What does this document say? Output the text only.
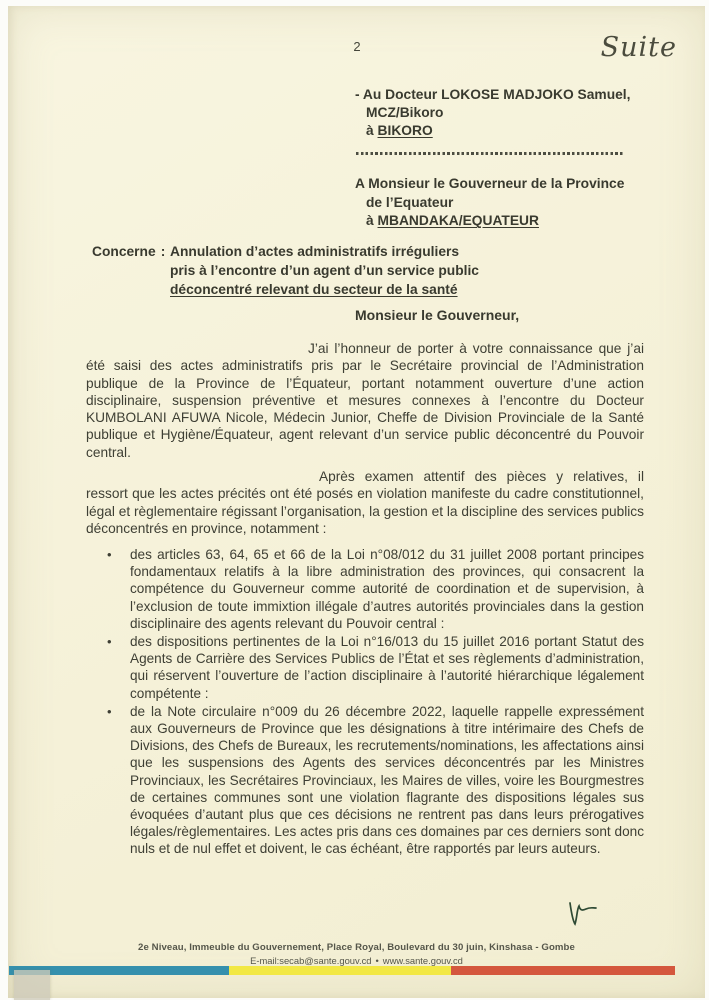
2	Suite
- Au Docteur LOKOSE MADJOKO Samuel,
MCZ/Bikoro
à BIKORO
A Monsieur le Gouverneur de la Province
de l’Equateur
à MBANDAKA/EQUATEUR
Concerne : Annulation d’actes administratifs irréguliers
pris à l’encontre d’un agent d’un service public
déconcentré relevant du secteur de la santé
Monsieur le Gouverneur,
J’ai l’honneur de porter à votre connaissance que j’ai été saisi des actes administratifs pris par le Secrétaire provincial de l’Administration publique de la Province de l’Équateur, portant notamment ouverture d’une action disciplinaire, suspension préventive et mesures connexes à l’encontre du Docteur KUMBOLANI AFUWA Nicole, Médecin Junior, Cheffe de Division Provinciale de la Santé publique et Hygiène/Équateur, agent relevant d’un service public déconcentré du Pouvoir central.
Après examen attentif des pièces y relatives, il ressort que les actes précités ont été posés en violation manifeste du cadre constitutionnel, légal et règlementaire régissant l’organisation, la gestion et la discipline des services publics déconcentrés en province, notamment :
•	des articles 63, 64, 65 et 66 de la Loi n°08/012 du 31 juillet 2008 portant principes fondamentaux relatifs à la libre administration des provinces, qui consacrent la compétence du Gouverneur comme autorité de coordination et de supervision, à l’exclusion de toute immixtion illégale d’autres autorités provinciales dans la gestion disciplinaire des agents relevant du Pouvoir central :
•	des dispositions pertinentes de la Loi n°16/013 du 15 juillet 2016 portant Statut des Agents de Carrière des Services Publics de l’État et ses règlements d’administration, qui réservent l’ouverture de l’action disciplinaire à l’autorité hiérarchique légalement compétente :
•	de la Note circulaire n°009 du 26 décembre 2022, laquelle rappelle expressément aux Gouverneurs de Province que les désignations à titre intérimaire des Chefs de Divisions, des Chefs de Bureaux, les recrutements/nominations, les affectations ainsi que les suspensions des Agents des services déconcentrés par les Ministres Provinciaux, les Secrétaires Provinciaux, les Maires de villes, voire les Bourgmestres de certaines communes sont une violation flagrante des dispositions légales sus évoquées d’autant plus que ces décisions ne rentrent pas dans leurs prérogatives légales/règlementaires. Les actes pris dans ces domaines par ces derniers sont donc nuls et de nul effet et doivent, le cas échéant, être rapportés par leurs auteurs.
2e Niveau, Immeuble du Gouvernement, Place Royal, Boulevard du 30 juin, Kinshasa - Gombe
E-mail:secab@sante.gouv.cd • www.sante.gouv.cd
